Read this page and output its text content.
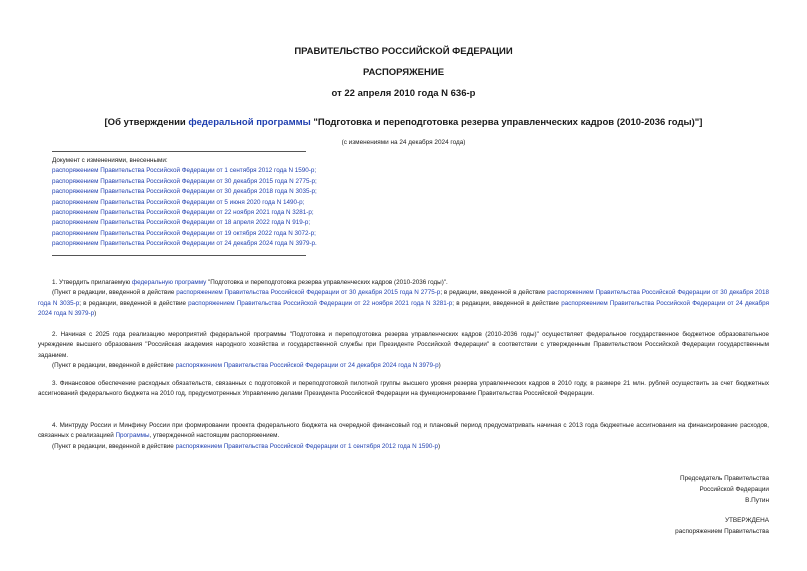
ПРАВИТЕЛЬСТВО РОССИЙСКОЙ ФЕДЕРАЦИИ
РАСПОРЯЖЕНИЕ
от 22 апреля 2010 года N 636-р
[Об утверждении федеральной программы "Подготовка и переподготовка резерва управленческих кадров (2010-2036 годы)"]
(с изменениями на 24 декабря 2024 года)
Документ с изменениями, внесенными:
распоряжением Правительства Российской Федерации от 1 сентября 2012 года N 1590-р;
распоряжением Правительства Российской Федерации от 30 декабря 2015 года N 2775-р;
распоряжением Правительства Российской Федерации от 30 декабря 2018 года N 3035-р;
распоряжением Правительства Российской Федерации от 5 июня 2020 года N 1490-р;
распоряжением Правительства Российской Федерации от 22 ноября 2021 года N 3281-р;
распоряжением Правительства Российской Федерации от 18 апреля 2022 года N 919-р;
распоряжением Правительства Российской Федерации от 19 октября 2022 года N 3072-р;
распоряжением Правительства Российской Федерации от 24 декабря 2024 года N 3979-р.
1. Утвердить прилагаемую федеральную программу "Подготовка и переподготовка резерва управленческих кадров (2010-2036 годы)".
(Пункт в редакции, введенной в действие распоряжением Правительства Российской Федерации от 30 декабря 2015 года N 2775-р; в редакции, введенной в действие распоряжением Правительства Российской Федерации от 30 декабря 2018 года N 3035-р; в редакции, введенной в действие распоряжением Правительства Российской Федерации от 22 ноября 2021 года N 3281-р; в редакции, введенной в действие распоряжением Правительства Российской Федерации от 24 декабря 2024 года N 3979-р)
2. Начиная с 2025 года реализацию мероприятий федеральной программы "Подготовка и переподготовка резерва управленческих кадров (2010-2036 годы)" осуществляет федеральное государственное бюджетное образовательное учреждение высшего образования "Российская академия народного хозяйства и государственной службы при Президенте Российской Федерации" в соответствии с утвержденным Правительством Российской Федерации государственным заданием.
(Пункт в редакции, введенной в действие распоряжением Правительства Российской Федерации от 24 декабря 2024 года N 3979-р)
3. Финансовое обеспечение расходных обязательств, связанных с подготовкой и переподготовкой пилотной группы высшего уровня резерва управленческих кадров в 2010 году, в размере 21 млн. рублей осуществить за счет бюджетных ассигнований федерального бюджета на 2010 год, предусмотренных Управлению делами Президента Российской Федерации на функционирование Правительства Российской Федерации.
4. Минтруду России и Минфину России при формировании проекта федерального бюджета на очередной финансовый год и плановый период предусматривать начиная с 2013 года бюджетные ассигнования на финансирование расходов, связанных с реализацией Программы, утвержденной настоящим распоряжением.
(Пункт в редакции, введенной в действие распоряжением Правительства Российской Федерации от 1 сентября 2012 года N 1590-р)
Председатель Правительства
Российской Федерации
В.Путин
УТВЕРЖДЕНА
распоряжением Правительства
